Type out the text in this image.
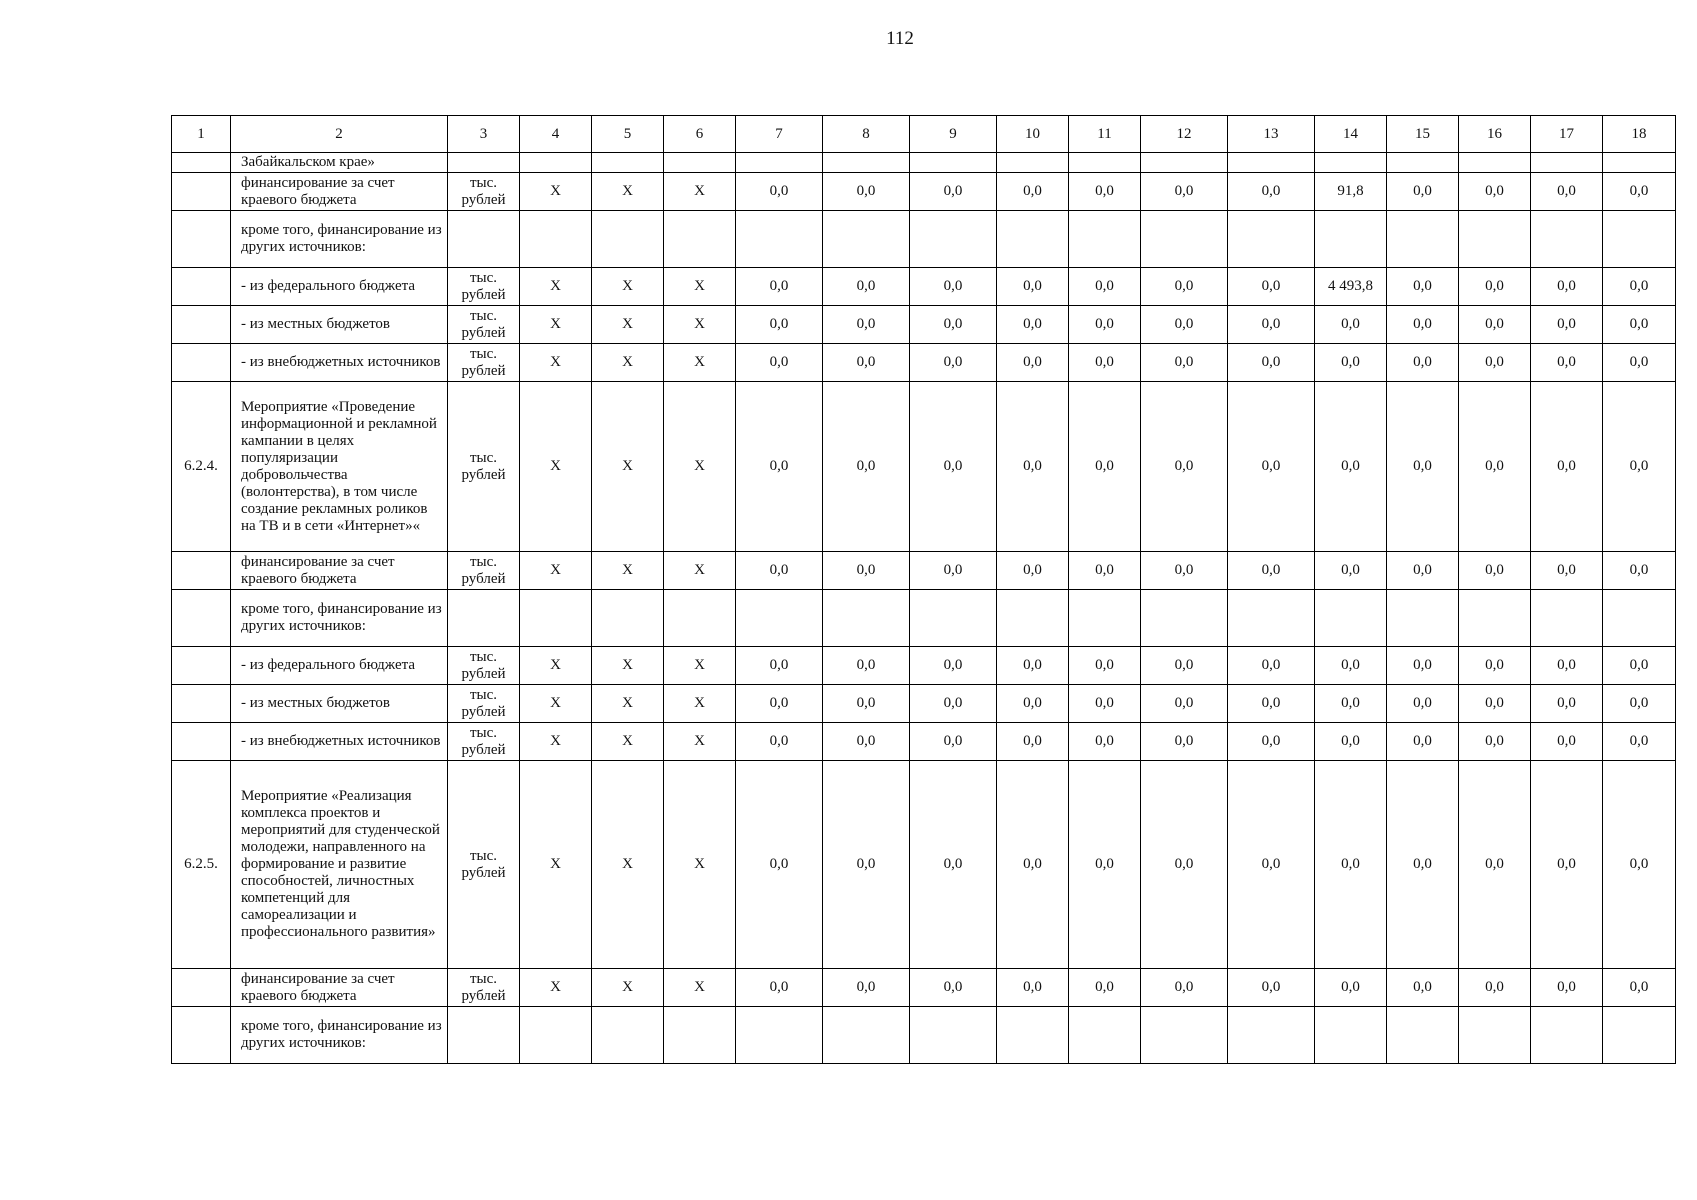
112
1	2	3	4	5	6	7	8	9	10	11	12	13	14	15	16	17	18	
	Забайкальском крае»																	
	финансирование за счет краевого бюджета	тыс. рублей	X	X	X	0,0	0,0	0,0	0,0	0,0	0,0	0,0	91,8	0,0	0,0	0,0	0,0	
	кроме того, финансирование из других источников:																	
	- из федерального бюджета	тыс. рублей	X	X	X	0,0	0,0	0,0	0,0	0,0	0,0	0,0	4 493,8	0,0	0,0	0,0	0,0	
	- из местных бюджетов	тыс. рублей	X	X	X	0,0	0,0	0,0	0,0	0,0	0,0	0,0	0,0	0,0	0,0	0,0	0,0	
	- из внебюджетных источников	тыс. рублей	X	X	X	0,0	0,0	0,0	0,0	0,0	0,0	0,0	0,0	0,0	0,0	0,0	0,0	
6.2.4.	Мероприятие «Проведение информационной и рекламной кампании в целях популяризации добровольчества (волонтерства), в том числе создание рекламных роликов на ТВ и в сети «Интернет»«	тыс. рублей	X	X	X	0,0	0,0	0,0	0,0	0,0	0,0	0,0	0,0	0,0	0,0	0,0	0,0	
	финансирование за счет краевого бюджета	тыс. рублей	X	X	X	0,0	0,0	0,0	0,0	0,0	0,0	0,0	0,0	0,0	0,0	0,0	0,0	
	кроме того, финансирование из других источников:																	
	- из федерального бюджета	тыс. рублей	X	X	X	0,0	0,0	0,0	0,0	0,0	0,0	0,0	0,0	0,0	0,0	0,0	0,0	
	- из местных бюджетов	тыс. рублей	X	X	X	0,0	0,0	0,0	0,0	0,0	0,0	0,0	0,0	0,0	0,0	0,0	0,0	
	- из внебюджетных источников	тыс. рублей	X	X	X	0,0	0,0	0,0	0,0	0,0	0,0	0,0	0,0	0,0	0,0	0,0	0,0	
6.2.5.	Мероприятие «Реализация комплекса проектов и мероприятий для студенческой молодежи, направленного на формирование и развитие способностей, личностных компетенций для самореализации и профессионального развития»	тыс. рублей	X	X	X	0,0	0,0	0,0	0,0	0,0	0,0	0,0	0,0	0,0	0,0	0,0	0,0	
	финансирование за счет краевого бюджета	тыс. рублей	X	X	X	0,0	0,0	0,0	0,0	0,0	0,0	0,0	0,0	0,0	0,0	0,0	0,0	
	кроме того, финансирование из других источников:																	
